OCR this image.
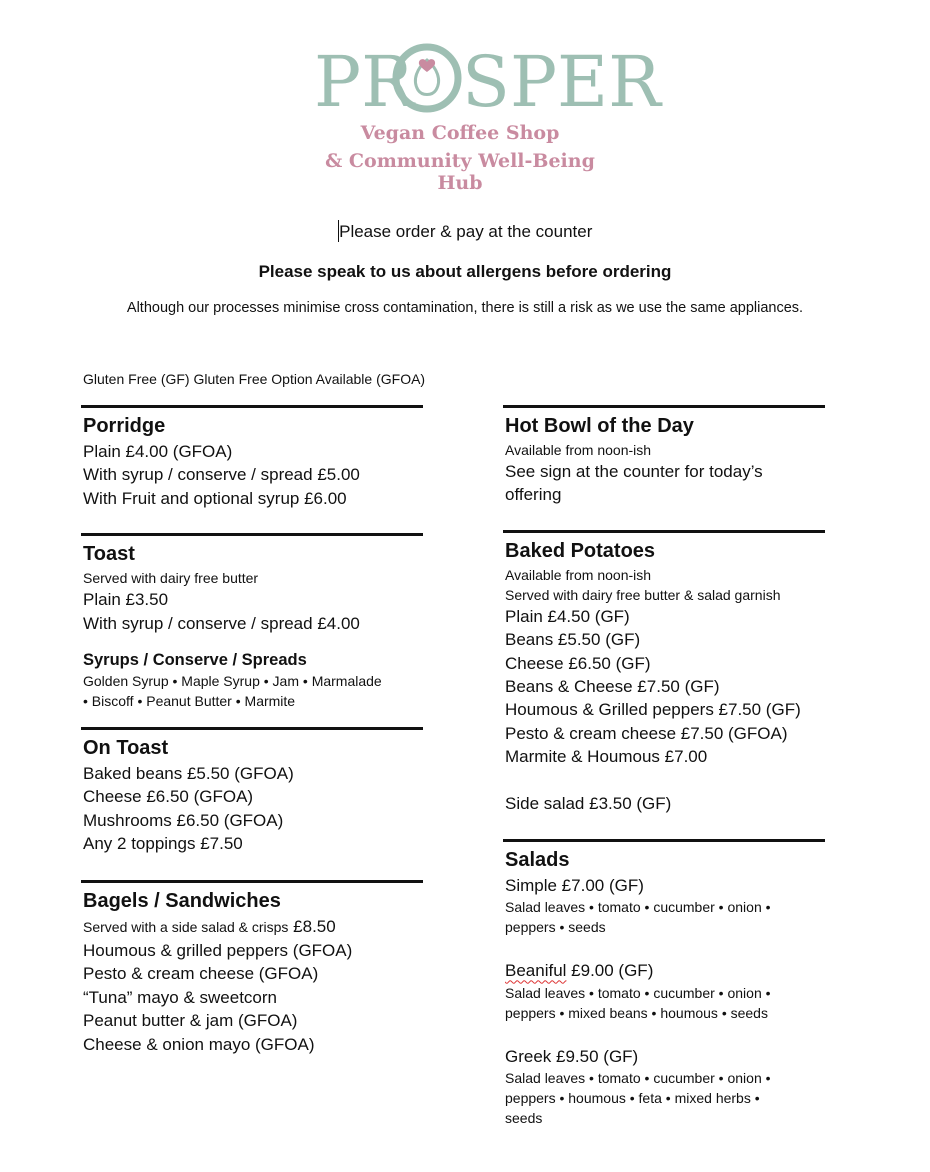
PR SPER
PROSPER
Vegan Coffee Shop
& Community Well-Being Hub
Please order & pay at the counter
Please speak to us about allergens before ordering
Although our processes minimise cross contamination, there is still a risk as we use the same appliances.
Gluten Free (GF) Gluten Free Option Available (GFOA)
Porridge
Plain £4.00 (GFOA)
With syrup / conserve / spread £5.00
With Fruit and optional syrup £6.00
Toast
Served with dairy free butter
Plain £3.50
With syrup / conserve / spread £4.00
Syrups / Conserve / Spreads
Golden Syrup • Maple Syrup • Jam • Marmalade
• Biscoff • Peanut Butter • Marmite
On Toast
Baked beans £5.50 (GFOA)
Cheese £6.50 (GFOA)
Mushrooms £6.50 (GFOA)
Any 2 toppings £7.50
Bagels / Sandwiches
Served with a side salad & crisps £8.50
Houmous & grilled peppers (GFOA)
Pesto & cream cheese (GFOA)
“Tuna” mayo & sweetcorn
Peanut butter & jam (GFOA)
Cheese & onion mayo (GFOA)
Hot Bowl of the Day
Available from noon-ish
See sign at the counter for today’s
offering
Baked Potatoes
Available from noon-ish
Served with dairy free butter & salad garnish
Plain £4.50 (GF)
Beans £5.50 (GF)
Cheese £6.50 (GF)
Beans & Cheese £7.50 (GF)
Houmous & Grilled peppers £7.50 (GF)
Pesto & cream cheese £7.50 (GFOA)
Marmite & Houmous £7.00
Side salad £3.50 (GF)
Salads
Simple £7.00 (GF)
Salad leaves • tomato • cucumber • onion •
peppers • seeds
Beaniful £9.00 (GF)
Salad leaves • tomato • cucumber • onion •
peppers • mixed beans • houmous • seeds
Greek £9.50 (GF)
Salad leaves • tomato • cucumber • onion •
peppers • houmous • feta • mixed herbs •
seeds
